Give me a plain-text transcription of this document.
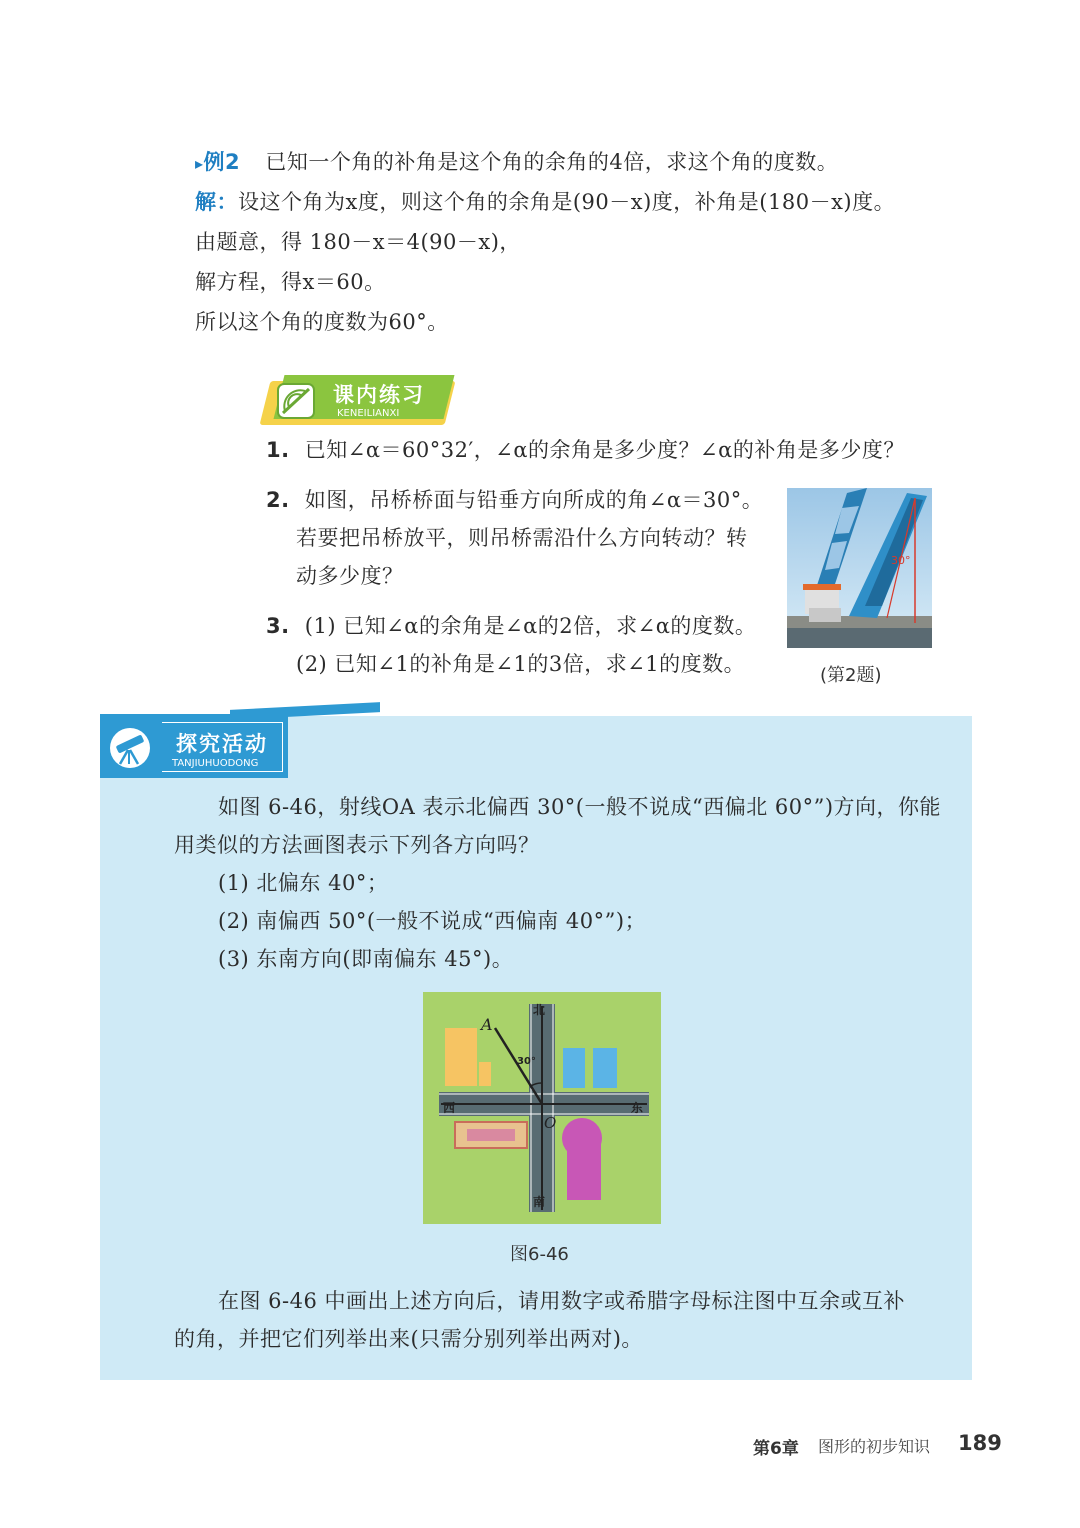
▸例2 已知一个角的补角是这个角的余角的4倍，求这个角的度数。
解：设这个角为x度，则这个角的余角是(90－x)度，补角是(180－x)度。
由题意，得 180－x＝4(90－x)，
解方程，得x＝60。
所以这个角的度数为60°。
课内练习
KENEILIANXI
1. 已知∠α＝60°32′，∠α的余角是多少度？∠α的补角是多少度？
2. 如图，吊桥桥面与铅垂方向所成的角∠α＝30°。
若要把吊桥放平，则吊桥需沿什么方向转动？转
动多少度？
3. (1) 已知∠α的余角是∠α的2倍，求∠α的度数。
(2) 已知∠1的补角是∠1的3倍，求∠1的度数。
30°
(第2题)
探究活动
TANJIUHUODONG
如图 6-46，射线OA 表示北偏西 30°(一般不说成“西偏北 60°”)方向，你能
用类似的方法画图表示下列各方向吗？
(1) 北偏东 40°；
(2) 南偏西 50°(一般不说成“西偏南 40°”)；
(3) 东南方向(即南偏东 45°)。
北
南
西	东
A
O
30°
图6-46
在图 6-46 中画出上述方向后，请用数字或希腊字母标注图中互余或互补
的角，并把它们列举出来(只需分别列举出两对)。
第6章 图形的初步知识 189
